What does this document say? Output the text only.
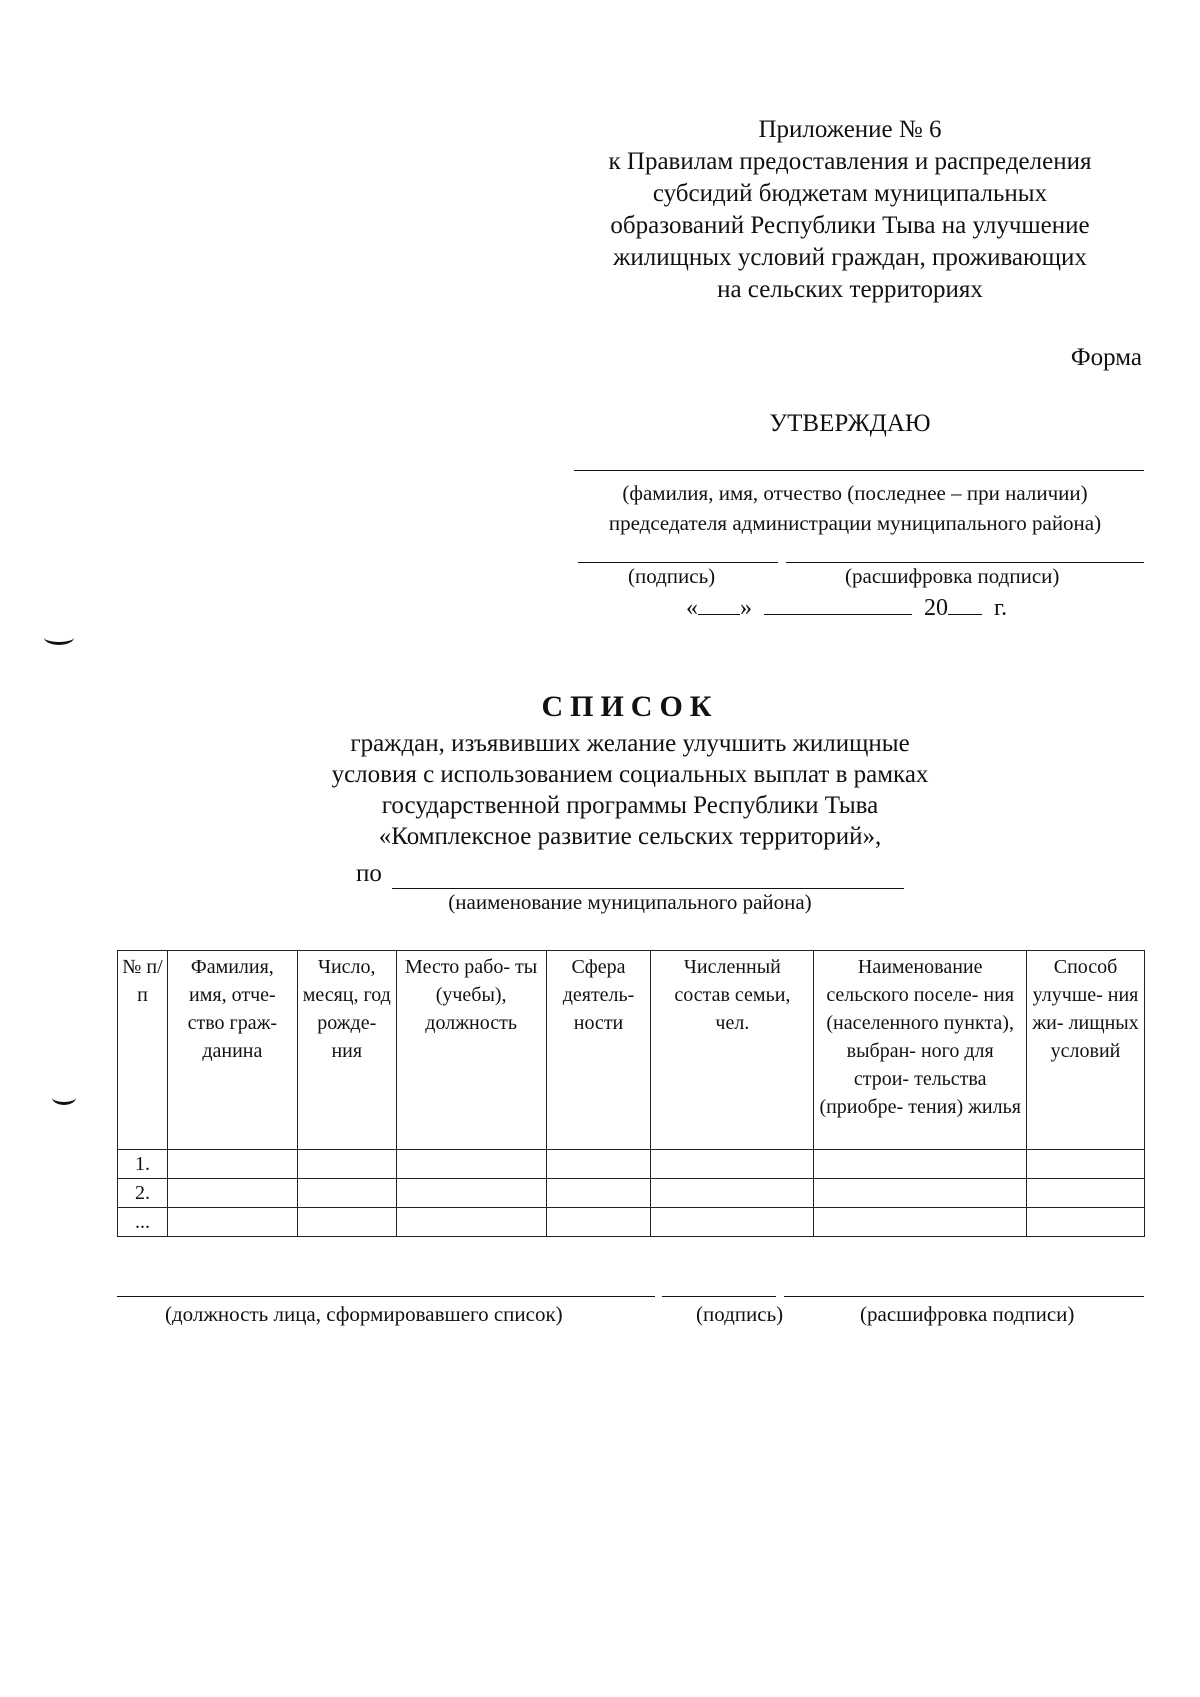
Приложение № 6
к Правилам предоставления и распределения
субсидий бюджетам муниципальных
образований Республики Тыва на улучшение
жилищных условий граждан, проживающих
на сельских территориях
Форма
УТВЕРЖДАЮ
(фамилия, имя, отчество (последнее – при наличии)
председателя администрации муниципального района)
(подпись)	(расшифровка подписи)
« »	20 г.
СПИСОК
граждан, изъявивших желание улучшить жилищные
условия с использованием социальных выплат в рамках
государственной программы Республики Тыва
«Комплексное развитие сельских территорий»,
по
(наименование муниципального района)
№ п/п	Фамилия, имя, отче- ство граж- данина	Число, месяц, год рожде- ния	Место рабо- ты (учебы), должность	Сфера деятель- ности	Численный состав семьи, чел.	Наименование сельского поселе- ния (населенного пункта), выбран- ного для строи- тельства (приобре- тения) жилья	Способ улучше- ния жи- лищных условий
1.							
2.							
...							
(должность лица, сформировавшего список)	(подпись)	(расшифровка подписи)
